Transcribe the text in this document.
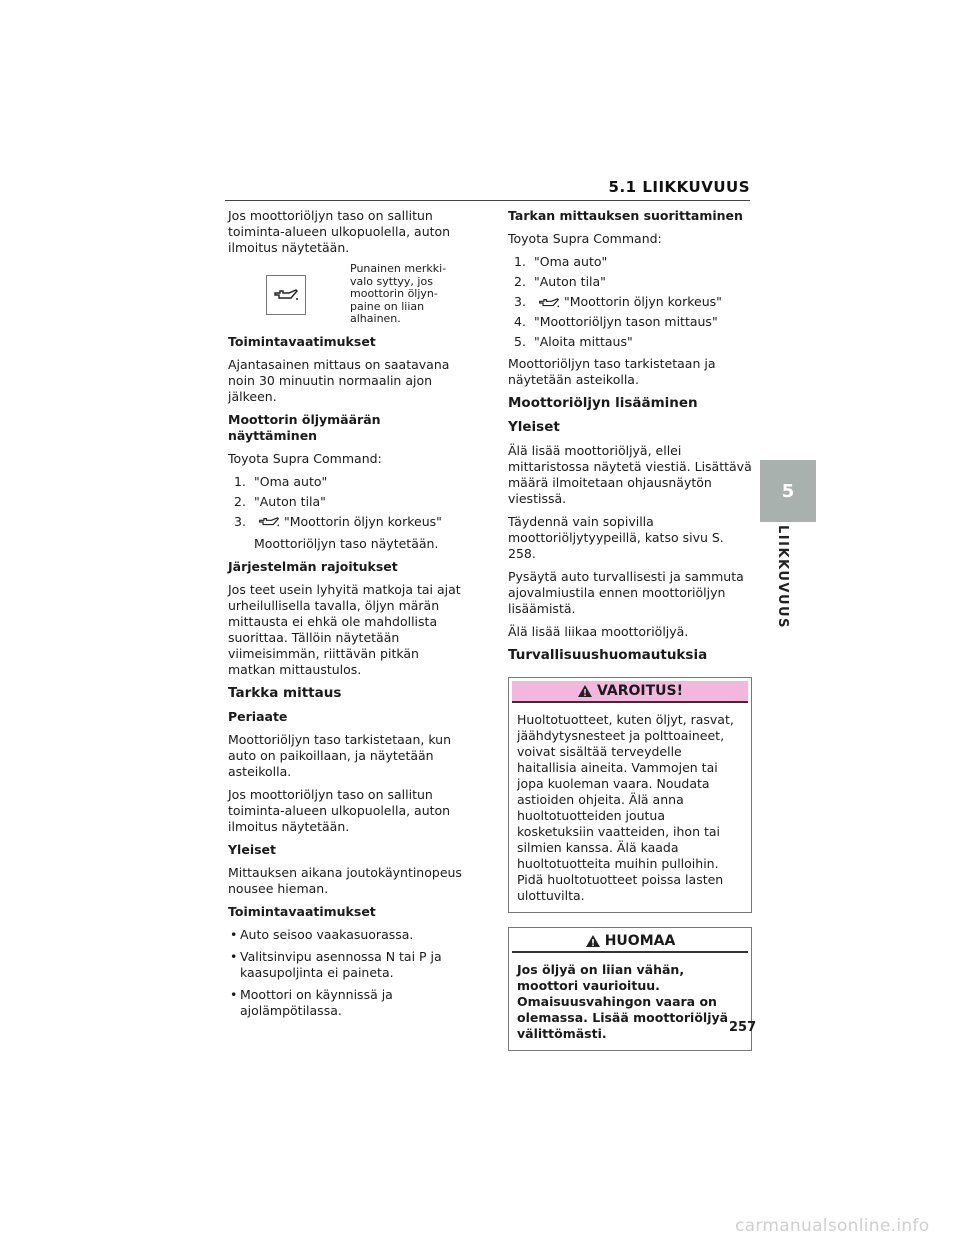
5.1 LIIKKUVUUS
5
LIIKKUVUUS

Jos moottoriöljyn taso on sallitun toiminta-alueen ulkopuolella, auton ilmoitus näytetään.

Punainen merkki-valo syttyy, jos moottorin öljyn-paine on liian alhainen.
Toimintavaatimukset

Ajantasainen mittaus on saatavana noin 30 minuutin normaalin ajon jälkeen.

Moottorin öljymäärän näyttäminen

Toyota Supra Command:

1. "Oma auto"
2. "Auton tila"
3.	"Moottorin öljyn korkeus"

Moottoriöljyn taso näytetään.

Järjestelmän rajoitukset

Jos teet usein lyhyitä matkoja tai ajat urheilullisella tavalla, öljyn märän mittausta ei ehkä ole mahdollista suorittaa. Tällöin näytetään viimeisimmän, riittävän pitkän matkan mittaustulos.

Tarkka mittaus
Periaate

Moottoriöljyn taso tarkistetaan, kun auto on paikoillaan, ja näytetään asteikolla.

Jos moottoriöljyn taso on sallitun toiminta-alueen ulkopuolella, auton ilmoitus näytetään.

Yleiset

Mittauksen aikana joutokäyntinopeus nousee hieman.

Toimintavaatimukset
• Auto seisoo vaakasuorassa.
• Valitsinvipu asennossa N tai P ja kaasupoljinta ei paineta.
• Moottori on käynnissä ja ajolämpötilassa.
Tarkan mittauksen suorittaminen

Toyota Supra Command:

1. "Oma auto"
2. "Auton tila"
3.	"Moottorin öljyn korkeus"
4. "Moottoriöljyn tason mittaus"
5. "Aloita mittaus"

Moottoriöljyn taso tarkistetaan ja näytetään asteikolla.

Moottoriöljyn lisääminen
Yleiset

Älä lisää moottoriöljyä, ellei mittaristossa näytetä viestiä. Lisättävä määrä ilmoitetaan ohjausnäytön viestissä.

Täydennä vain sopivilla moottoriöljytyypeillä, katso sivu S. 258.

Pysäytä auto turvallisesti ja sammuta ajovalmiustila ennen moottoriöljyn lisäämistä.

Älä lisää liikaa moottoriöljyä.

Turvallisuushuomautuksia
VAROITUS!
Huoltotuotteet, kuten öljyt, rasvat, jäähdytysnesteet ja polttoaineet, voivat sisältää terveydelle haitallisia aineita. Vammojen tai jopa kuoleman vaara. Noudata astioiden ohjeita. Älä anna huoltotuotteiden joutua kosketuksiin vaatteiden, ihon tai silmien kanssa. Älä kaada huoltotuotteita muihin pulloihin. Pidä huoltotuotteet poissa lasten ulottuvilta.
HUOMAA
Jos öljyä on liian vähän, moottori vaurioituu. Omaisuusvahingon vaara on olemassa. Lisää moottoriöljyä välittömästi.	257
carmanualsonline.info
